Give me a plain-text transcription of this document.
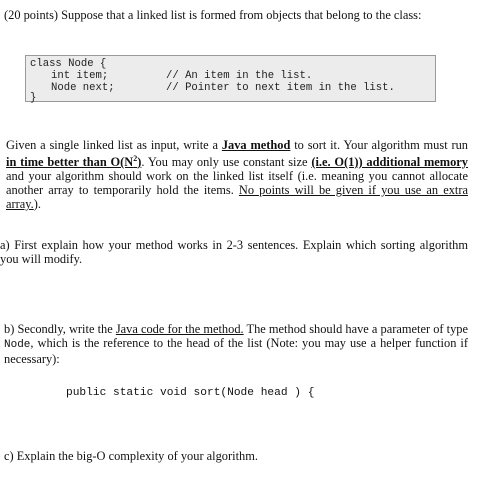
(20 points) Suppose that a linked list is formed from objects that belong to the class:
class Node {
int item;	// An item in the list.
Node next;	// Pointer to next item in the list.
}
Given a single linked list as input, write a Java method to sort it. Your algorithm must run in time better than $O(N^2)$. You may only use constant size (i.e. O(1)) additional memory and your algorithm should work on the linked list itself (i.e. meaning you cannot allocate another array to temporarily hold the items. No points will be given if you use an extra array.).
a) First explain how your method works in 2-3 sentences. Explain which sorting algorithm you will modify.
b) Secondly, write the Java code for the method. The method should have a parameter of type Node, which is the reference to the head of the list (Note: you may use a helper function if necessary):
public static void sort(Node head ) {
c) Explain the big-O complexity of your algorithm.
